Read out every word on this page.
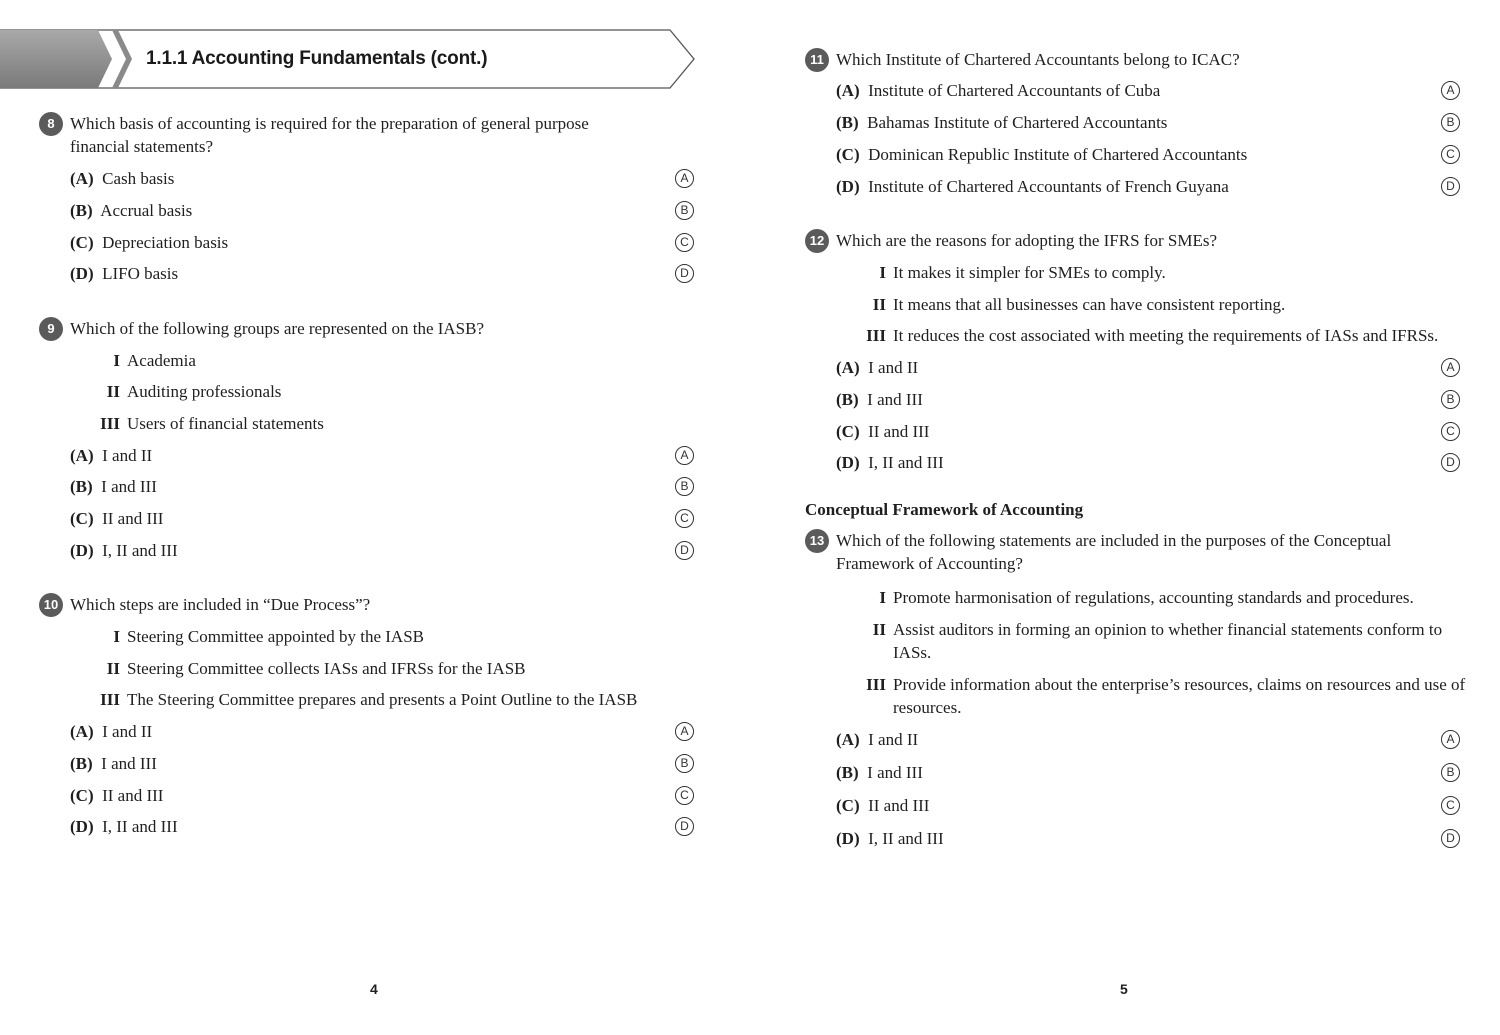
1.1.1 Accounting Fundamentals (cont.)
8 Which basis of accounting is required for the preparation of general purpose financial statements?
(A) Cash basis	A
(B) Accrual basis	B
(C) Depreciation basis	C
(D) LIFO basis	D
9 Which of the following groups are represented on the IASB?
I Academia
II Auditing professionals
III Users of financial statements
(A) I and II	A
(B) I and III	B
(C) II and III	C
(D) I, II and III	D
10 Which steps are included in “Due Process”?
I Steering Committee appointed by the IASB
II Steering Committee collects IASs and IFRSs for the IASB
III The Steering Committee prepares and presents a Point Outline to the IASB
(A) I and II	A
(B) I and III	B
(C) II and III	C
(D) I, II and III	D
4
11 Which Institute of Chartered Accountants belong to ICAC?
(A) Institute of Chartered Accountants of Cuba	A
(B) Bahamas Institute of Chartered Accountants	B
(C) Dominican Republic Institute of Chartered Accountants	C
(D) Institute of Chartered Accountants of French Guyana	D
12 Which are the reasons for adopting the IFRS for SMEs?
I It makes it simpler for SMEs to comply.
II It means that all businesses can have consistent reporting.
III It reduces the cost associated with meeting the requirements of IASs and IFRSs.
(A) I and II	A
(B) I and III	B
(C) II and III	C
(D) I, II and III	D
Conceptual Framework of Accounting
13 Which of the following statements are included in the purposes of the Conceptual Framework of Accounting?
I Promote harmonisation of regulations, accounting standards and procedures.
II Assist auditors in forming an opinion to whether financial statements conform to IASs.
III Provide information about the enterprise’s resources, claims on resources and use of resources.
(A) I and II	A
(B) I and III	B
(C) II and III	C
(D) I, II and III	D
5
